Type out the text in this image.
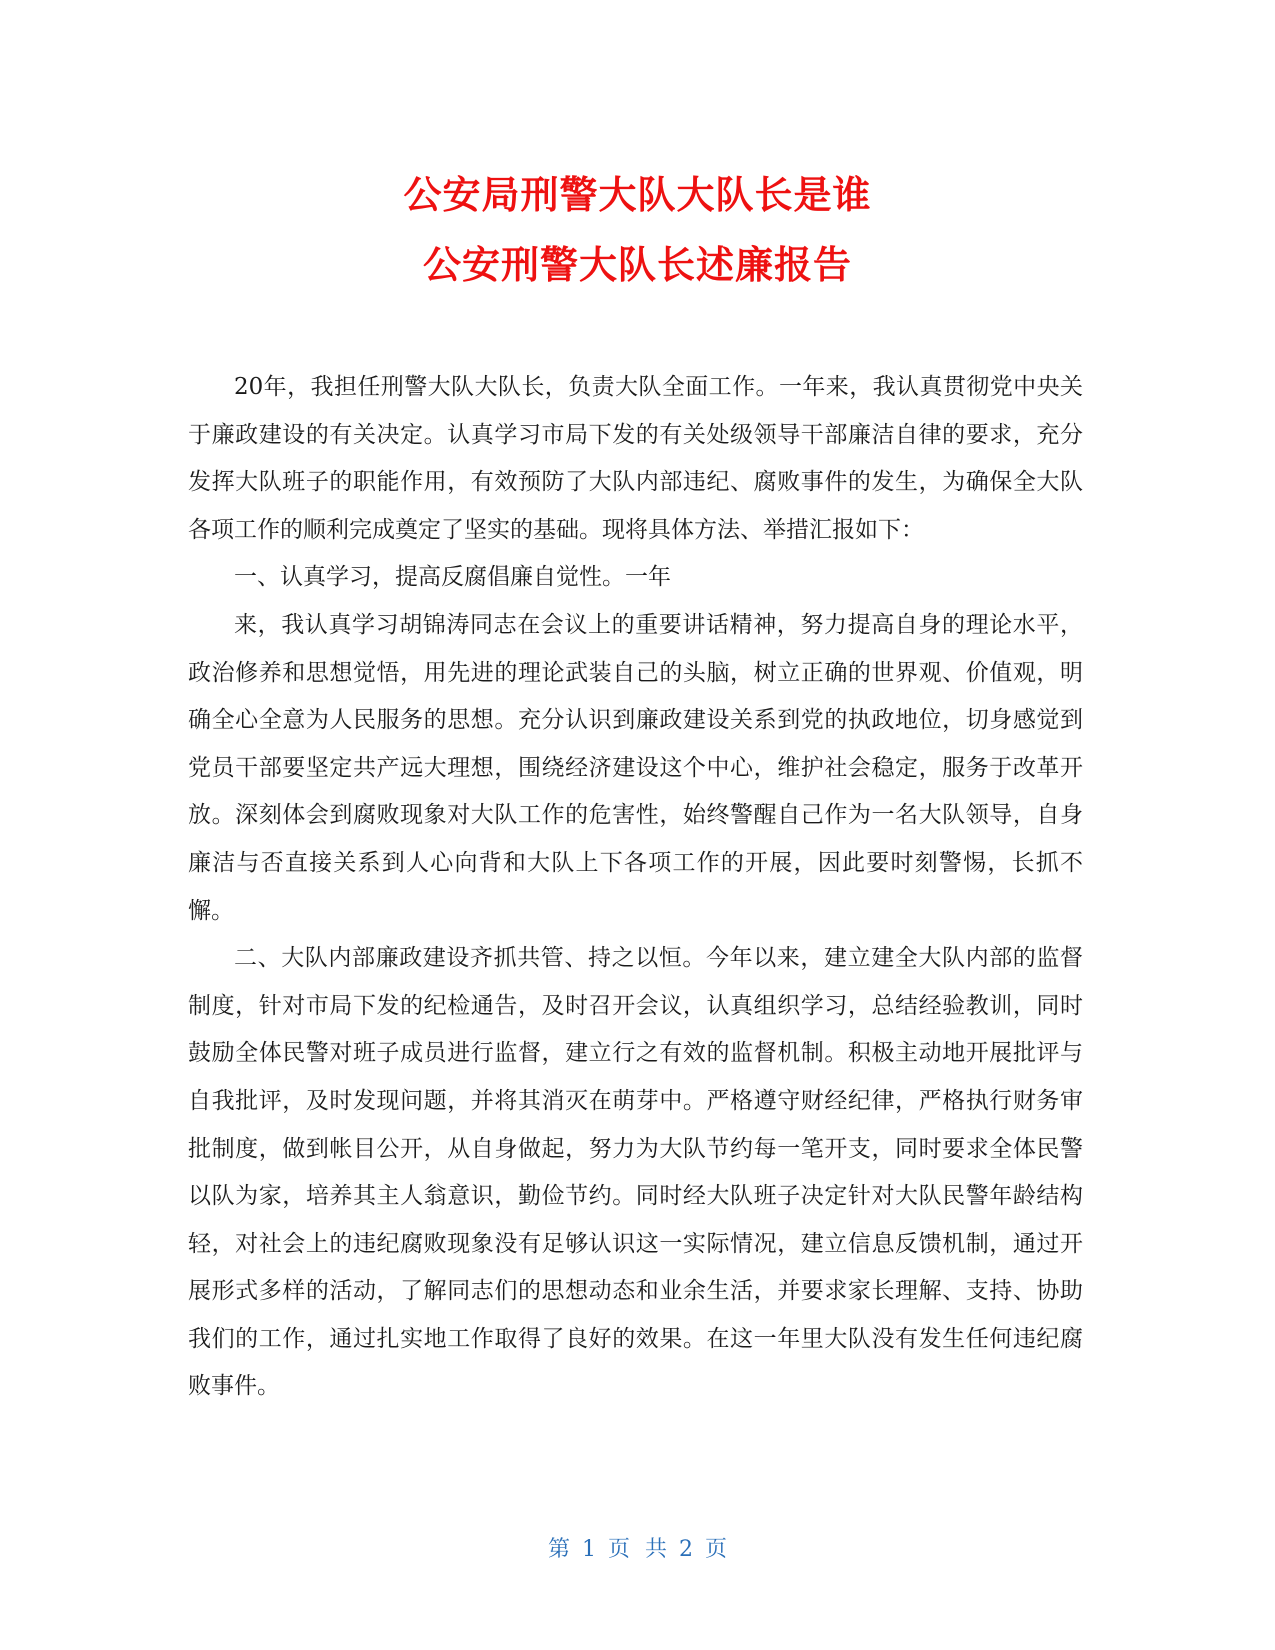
公安局刑警大队大队长是谁
公安刑警大队长述廉报告

20年，我担任刑警大队大队长，负责大队全面工作。一年来，我认真贯彻党中央关于廉政建设的有关决定。认真学习市局下发的有关处级领导干部廉洁自律的要求，充分发挥大队班子的职能作用，有效预防了大队内部违纪、腐败事件的发生，为确保全大队各项工作的顺利完成奠定了坚实的基础。现将具体方法、举措汇报如下：

一、认真学习，提高反腐倡廉自觉性。一年

来，我认真学习胡锦涛同志在会议上的重要讲话精神，努力提高自身的理论水平，政治修养和思想觉悟，用先进的理论武装自己的头脑，树立正确的世界观、价值观，明确全心全意为人民服务的思想。充分认识到廉政建设关系到党的执政地位，切身感觉到党员干部要坚定共产远大理想，围绕经济建设这个中心，维护社会稳定，服务于改革开放。深刻体会到腐败现象对大队工作的危害性，始终警醒自己作为一名大队领导，自身廉洁与否直接关系到人心向背和大队上下各项工作的开展，因此要时刻警惕，长抓不懈。

二、大队内部廉政建设齐抓共管、持之以恒。今年以来，建立建全大队内部的监督制度，针对市局下发的纪检通告，及时召开会议，认真组织学习，总结经验教训，同时鼓励全体民警对班子成员进行监督，建立行之有效的监督机制。积极主动地开展批评与自我批评，及时发现问题，并将其消灭在萌芽中。严格遵守财经纪律，严格执行财务审批制度，做到帐目公开，从自身做起，努力为大队节约每一笔开支，同时要求全体民警以队为家，培养其主人翁意识，勤俭节约。同时经大队班子决定针对大队民警年龄结构轻，对社会上的违纪腐败现象没有足够认识这一实际情况，建立信息反馈机制，通过开展形式多样的活动，了解同志们的思想动态和业余生活，并要求家长理解、支持、协助我们的工作，通过扎实地工作取得了良好的效果。在这一年里大队没有发生任何违纪腐败事件。

第 1 页 共 2 页
